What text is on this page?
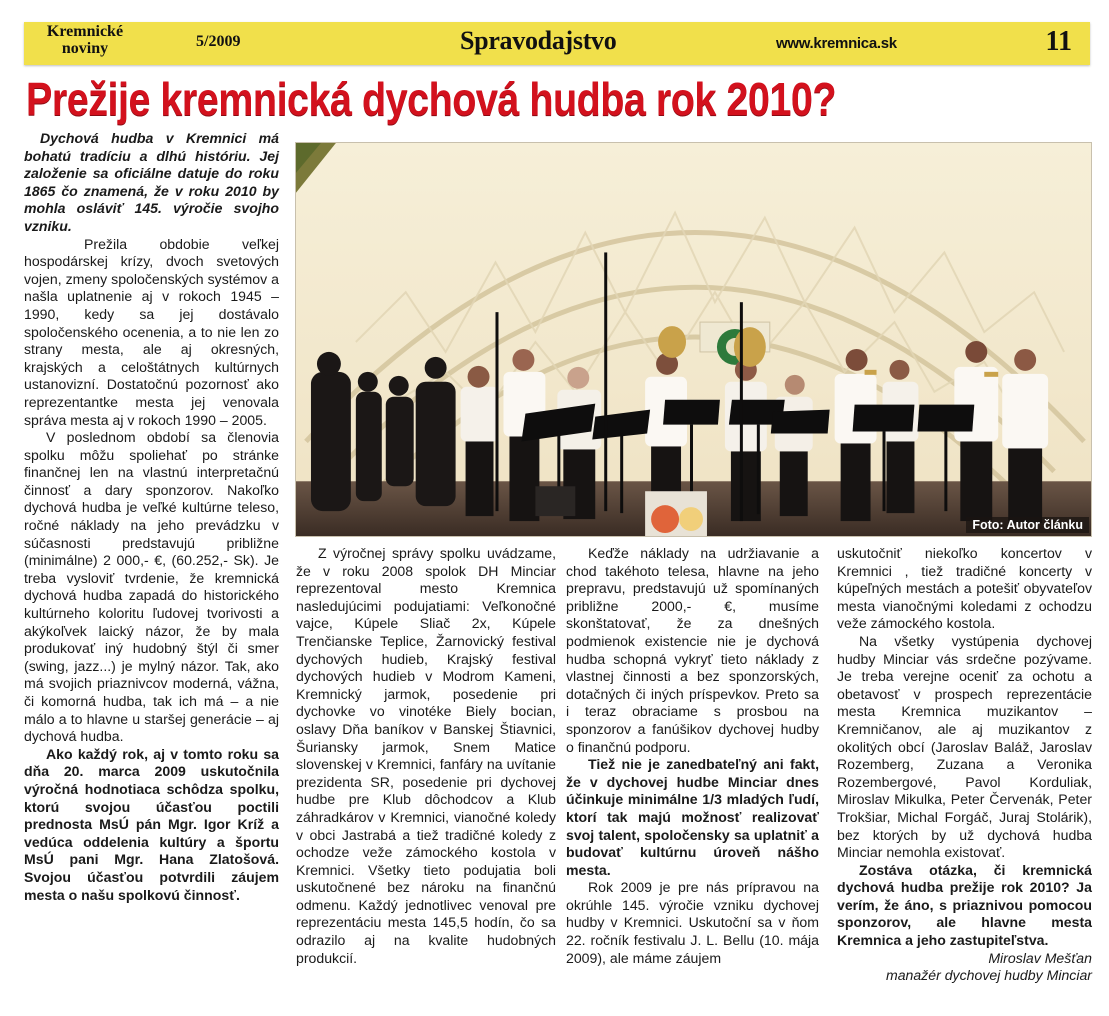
Kremnické
noviny	5/2009	Spravodajstvo	www.kremnica.sk	11
Prežije kremnická dychová hudba rok 2010?

Dychová hudba v Kremnici má bohatú tradíciu a dlhú históriu. Jej založenie sa oficiálne datuje do roku 1865 čo znamená, že v roku 2010 by mohla osláviť 145. výročie svojho vzniku.

Prežila obdobie veľkej hospodárskej krízy, dvoch svetových vojen, zmeny spoločenských systémov a našla uplatnenie aj v rokoch 1945 – 1990, kedy sa jej dostávalo spoločenského ocenenia, a to nie len zo strany mesta, ale aj okresných, krajských a celoštátnych kultúrnych ustanovizní. Dostatočnú pozornosť ako reprezentantke mesta jej venovala správa mesta aj v rokoch 1990 – 2005.

V poslednom období sa členovia spolku môžu spoliehať po stránke finančnej len na vlastnú interpretačnú činnosť a dary sponzorov. Nakoľko dychová hudba je veľké kultúrne teleso, ročné náklady na jeho prevádzku v súčasnosti predstavujú približne (minimálne) 2 000,- €, (60.252,- Sk). Je treba vysloviť tvrdenie, že kremnická dychová hudba zapadá do historického kultúrneho koloritu ľudovej tvorivosti a akýkoľvek laický názor, že by mala produkovať iný hudobný štýl či smer (swing, jazz...) je mylný názor. Tak, ako má svojich priaznivcov moderná, vážna, či komorná hudba, tak ich má – a nie málo a to hlavne u staršej generácie – aj dychová hudba.

Ako každý rok, aj v tomto roku sa dňa 20. marca 2009 uskutočnila výročná hodnotiaca schôdza spolku, ktorú svojou účasťou poctili prednosta MsÚ pán Mgr. Igor Kríž a vedúca oddelenia kultúry a športu MsÚ pani Mgr. Hana Zlatošová. Svojou účasťou potvrdili záujem mesta o našu spolkovú činnosť.

Foto: Autor článku

Z výročnej správy spolku uvádzame, že v roku 2008 spolok DH Minciar reprezentoval mesto Kremnica nasledujúcimi podujatiami: Veľkonočné vajce, Kúpele Sliač 2x, Kúpele Trenčianske Teplice, Žarnovický festival dychových hudieb, Krajský festival dychových hudieb v Modrom Kameni, Kremnický jarmok, posedenie pri dychovke vo vinotéke Biely bocian, oslavy Dňa baníkov v Banskej Štiavnici, Šuriansky jarmok, Snem Matice slovenskej v Kremnici, fanfáry na uvítanie prezidenta SR, posedenie pri dychovej hudbe pre Klub dôchodcov a Klub záhradkárov v Kremnici, vianočné koledy v obci Jastrabá a tiež tradičné koledy z ochodze veže zámockého kostola v Kremnici. Všetky tieto podujatia boli uskutočnené bez nároku na finančnú odmenu. Každý jednotlivec venoval pre reprezentáciu mesta 145,5 hodín, čo sa odrazilo aj na kvalite hudobných produkcií.

Keďže náklady na udržiavanie a chod takéhoto telesa, hlavne na jeho prepravu, predstavujú už spomínaných približne 2000,- €, musíme skonštatovať, že za dnešných podmienok existencie nie je dychová hudba schopná vykryť tieto náklady z vlastnej činnosti a bez sponzorských, dotačných či iných príspevkov. Preto sa i teraz obraciame s prosbou na sponzorov a fanúšikov dychovej hudby o finančnú podporu.

Tiež nie je zanedbateľný ani fakt, že v dychovej hudbe Minciar dnes účinkuje minimálne 1/3 mladých ľudí, ktorí tak majú možnosť realizovať svoj talent, spoločensky sa uplatniť a budovať kultúrnu úroveň nášho mesta.

Rok 2009 je pre nás prípravou na okrúhle 145. výročie vzniku dychovej hudby v Kremnici. Uskutoční sa v ňom 22. ročník festivalu J. L. Bellu (10. mája 2009), ale máme záujem

uskutočniť niekoľko koncertov v Kremnici , tiež tradičné koncerty v kúpeľných mestách a potešiť obyvateľov mesta vianočnými koledami z ochodzu veže zámockého kostola.

Na všetky vystúpenia dychovej hudby Minciar vás srdečne pozývame. Je treba verejne oceniť za ochotu a obetavosť v prospech reprezentácie mesta Kremnica muzikantov – Kremničanov, ale aj muzikantov z okolitých obcí (Jaroslav Baláž, Jaroslav Rozemberg, Zuzana a Veronika Rozembergové, Pavol Korduliak, Miroslav Mikulka, Peter Červenák, Peter Trokšiar, Michal Forgáč, Juraj Stolárik), bez ktorých by už dychová hudba Minciar nemohla existovať.

Zostáva otázka, či kremnická dychová hudba prežije rok 2010? Ja verím, že áno, s priaznivou pomocou sponzorov, ale hlavne mesta Kremnica a jeho zastupiteľstva.

Miroslav Mešťan
manažér dychovej hudby Minciar
